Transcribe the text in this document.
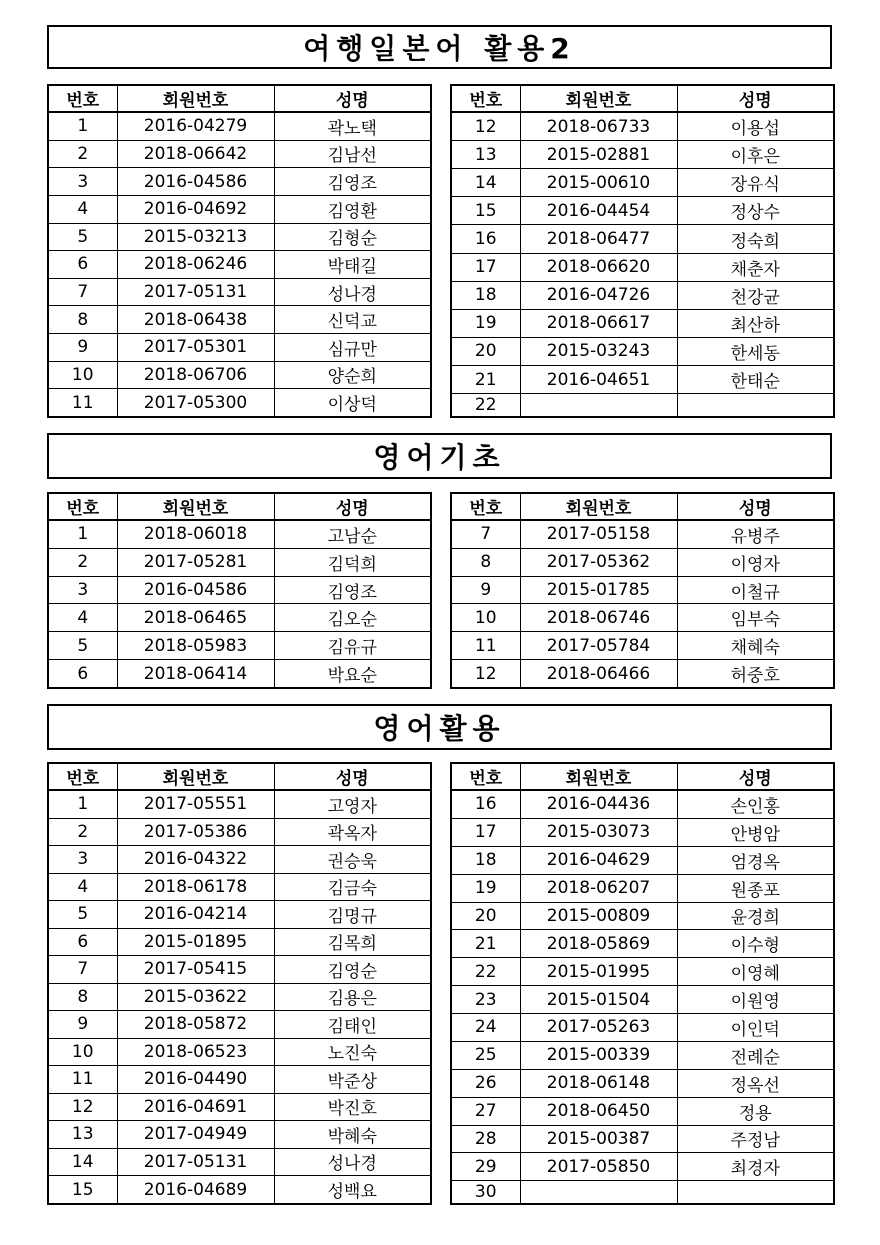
여행일본어 활용2
번호	회원번호	성명
1	2016-04279	곽노택
2	2018-06642	김남선
3	2016-04586	김영조
4	2016-04692	김영환
5	2015-03213	김형순
6	2018-06246	박태길
7	2017-05131	성나경
8	2018-06438	신덕교
9	2017-05301	심규만
10	2018-06706	양순희
11	2017-05300	이상덕
번호	회원번호	성명
12	2018-06733	이용섭
13	2015-02881	이후은
14	2015-00610	장유식
15	2016-04454	정상수
16	2018-06477	정숙희
17	2018-06620	채춘자
18	2016-04726	천강균
19	2018-06617	최산하
20	2015-03243	한세동
21	2016-04651	한태순
22		
영어기초
번호	회원번호	성명
1	2018-06018	고남순
2	2017-05281	김덕희
3	2016-04586	김영조
4	2018-06465	김오순
5	2018-05983	김유규
6	2018-06414	박요순
번호	회원번호	성명
7	2017-05158	유병주
8	2017-05362	이영자
9	2015-01785	이철규
10	2018-06746	임부숙
11	2017-05784	채혜숙
12	2018-06466	허중호
영어활용
번호	회원번호	성명
1	2017-05551	고영자
2	2017-05386	곽옥자
3	2016-04322	권승욱
4	2018-06178	김금숙
5	2016-04214	김명규
6	2015-01895	김목희
7	2017-05415	김영순
8	2015-03622	김용은
9	2018-05872	김태인
10	2018-06523	노진숙
11	2016-04490	박준상
12	2016-04691	박진호
13	2017-04949	박혜숙
14	2017-05131	성나경
15	2016-04689	성백요
번호	회원번호	성명
16	2016-04436	손인홍
17	2015-03073	안병암
18	2016-04629	엄경옥
19	2018-06207	원종포
20	2015-00809	윤경희
21	2018-05869	이수형
22	2015-01995	이영혜
23	2015-01504	이원영
24	2017-05263	이인덕
25	2015-00339	전례순
26	2018-06148	정옥선
27	2018-06450	정용
28	2015-00387	주정남
29	2017-05850	최경자
30		
